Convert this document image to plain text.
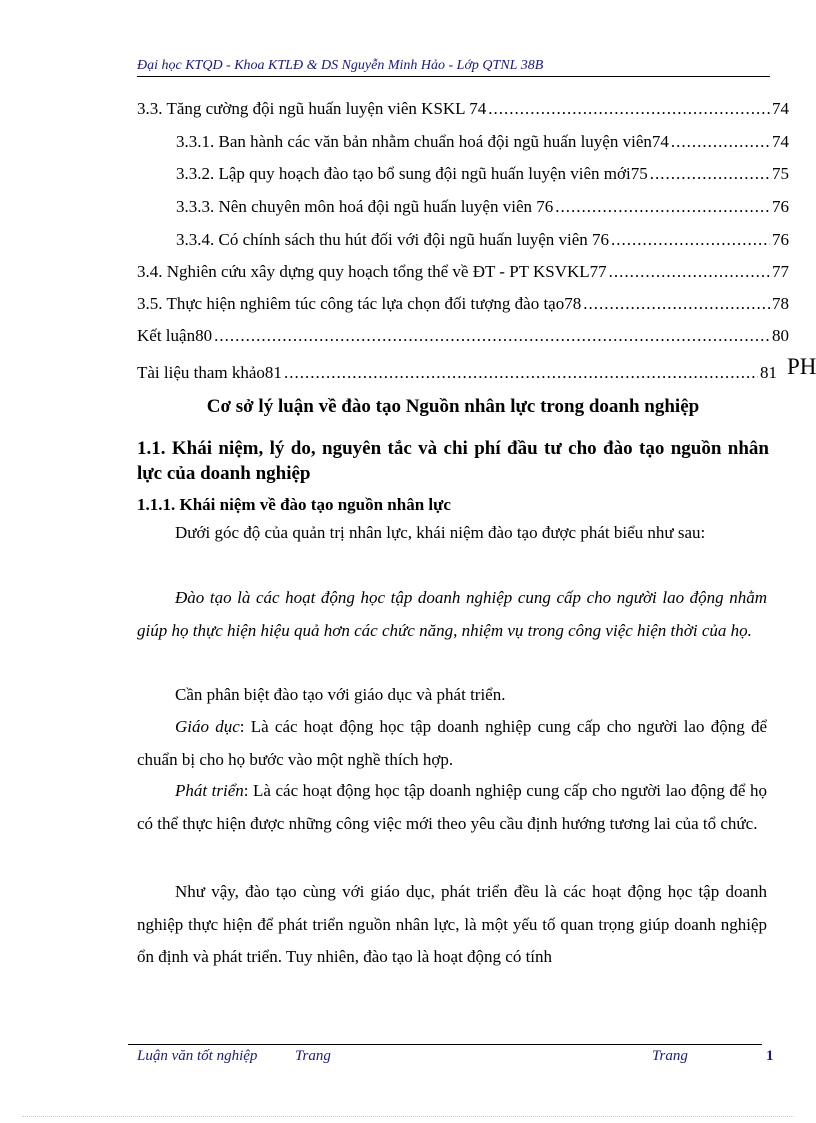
Đại học KTQD - Khoa KTLĐ & DS Nguyễn Minh Hảo - Lớp QTNL 38B
3.3. Tăng cường đội ngũ huấn luyện viên KSKL 74 .....	74
3.3.1. Ban hành các văn bản nhằm chuẩn hoá đội ngũ huấn luyện viên74 .....	74
3.3.2. Lập quy hoạch đào tạo bổ sung đội ngũ huấn luyện viên mới75 .....	75
3.3.3. Nên chuyên môn hoá đội ngũ huấn luyện viên 76 .....	76
3.3.4. Có chính sách thu hút đối với đội ngũ huấn luyện viên 76 .....	76
3.4. Nghiên cứu xây dựng quy hoạch tổng thể về ĐT - PT KSVKL77 .....	77
3.5. Thực hiện nghiêm túc công tác lựa chọn đối tượng đào tạo78 .....	78
Kết luận80 .....	80
Tài liệu tham khảo81 .....	81 PH
Cơ sở lý luận về đào tạo Nguồn nhân lực trong doanh nghiệp
1.1. Khái niệm, lý do, nguyên tắc và chi phí đầu tư cho đào tạo nguồn nhân lực của doanh nghiệp
1.1.1. Khái niệm về đào tạo nguồn nhân lực
Dưới góc độ của quản trị nhân lực, khái niệm đào tạo được phát biểu như sau:
Đào tạo là các hoạt động học tập doanh nghiệp cung cấp cho người lao động nhằm giúp họ thực hiện hiệu quả hơn các chức năng, nhiệm vụ trong công việc hiện thời của họ.
Cần phân biệt đào tạo với giáo dục và phát triển.
Giáo dục: Là các hoạt động học tập doanh nghiệp cung cấp cho người lao động để chuẩn bị cho họ bước vào một nghề thích hợp.
Phát triển: Là các hoạt động học tập doanh nghiệp cung cấp cho người lao động để họ có thể thực hiện được những công việc mới theo yêu cầu định hướng tương lai của tổ chức.
Như vậy, đào tạo cùng với giáo dục, phát triển đều là các hoạt động học tập doanh nghiệp thực hiện để phát triển nguồn nhân lực, là một yếu tố quan trọng giúp doanh nghiệp ổn định và phát triển. Tuy nhiên, đào tạo là hoạt động có tính
Luận văn tốt nghiệp	Trang	Trang	1
